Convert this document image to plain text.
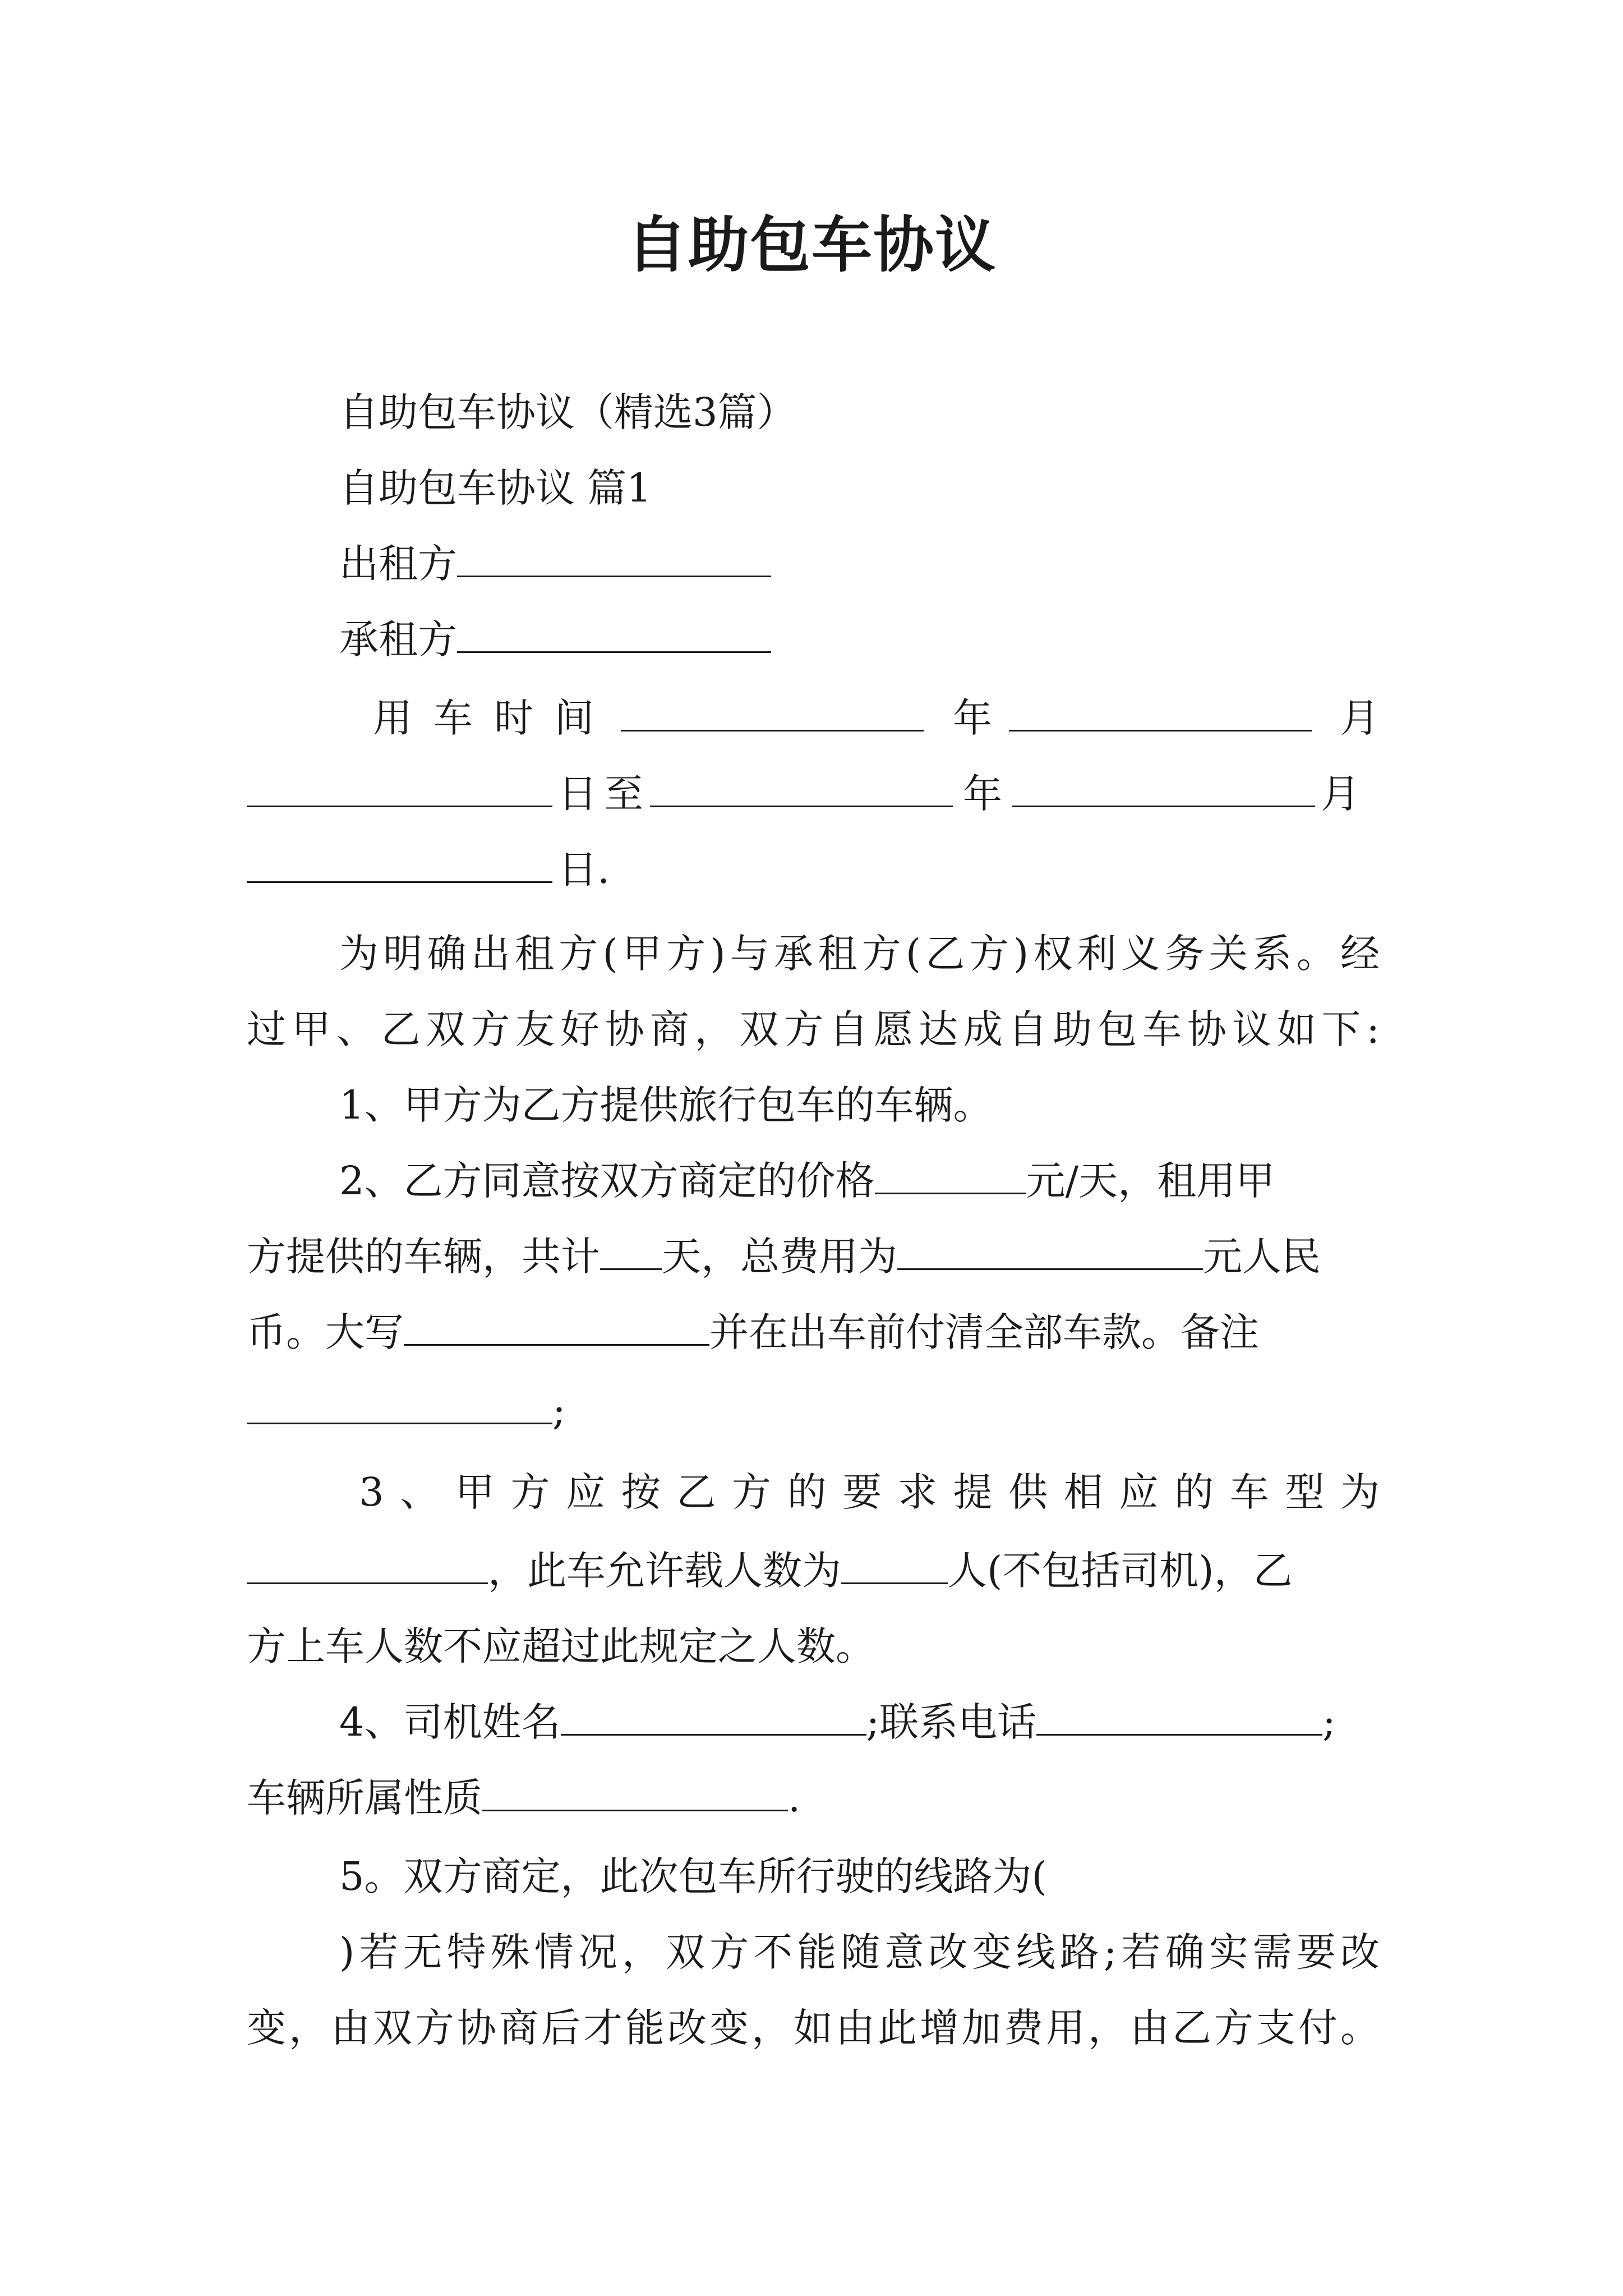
自助包车协议
自助包车协议（精选3篇）
自助包车协议 篇1
出租方
承租方
用车时间	年	月
日至	年	月
日.
为明确出租方(甲方)与承租方(乙方)权利义务关系。经
过甲、乙双方友好协商，双方自愿达成自助包车协议如下:
1、甲方为乙方提供旅行包车的车辆。
2、乙方同意按双方商定的价格	元/天，租用甲
方提供的车辆，共计 天，总费用为	元人民
币。大写	并在出车前付清全部车款。备注
;
3、甲方应按乙方的要求提供相应的车型为
，此车允许载人数为	人(不包括司机)，乙
方上车人数不应超过此规定之人数。
4、司机姓名	;联系电话	;
车辆所属性质	.
5。双方商定，此次包车所行驶的线路为(
)若无特殊情况，双方不能随意改变线路;若确实需要改
变，由双方协商后才能改变，如由此增加费用，由乙方支付。
